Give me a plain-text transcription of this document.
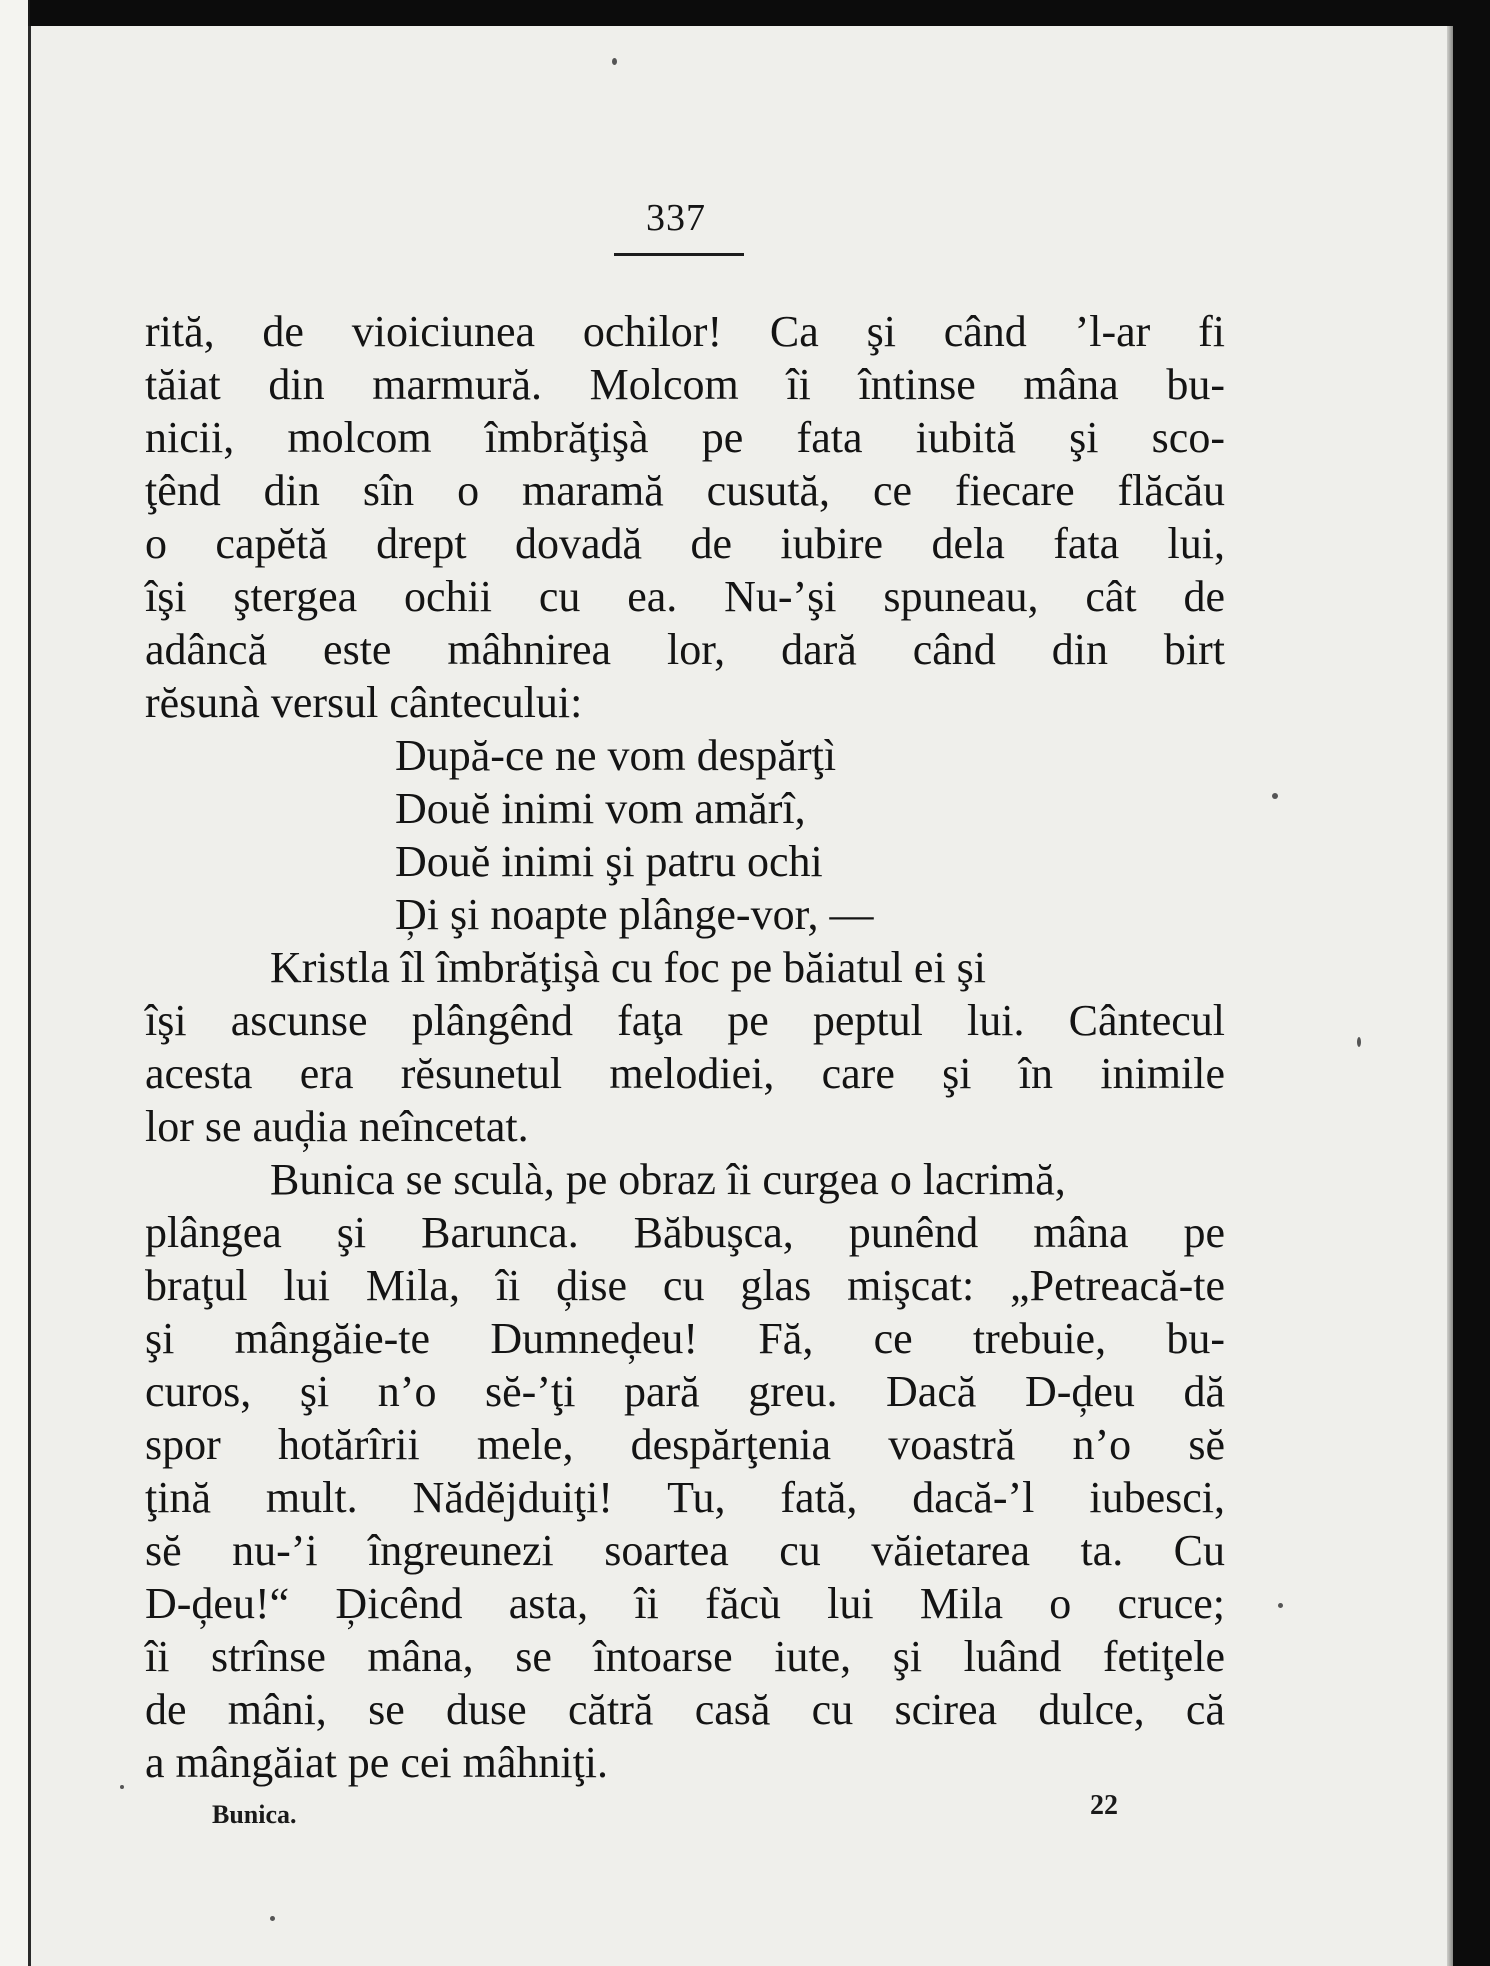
337
rită, de vioiciunea ochilor! Ca şi când ’l-ar fi
tăiat din marmură. Molcom îi întinse mâna bu-
nicii, molcom îmbrăţişà pe fata iubită şi sco-
ţênd din sîn o maramă cusută, ce fiecare flăcău
o capĕtă drept dovadă de iubire dela fata lui,
îşi ştergea ochii cu ea. Nu-’şi spuneau, cât de
adâncă este mâhnirea lor, dară când din birt
rĕsunà versul cântecului:
După-ce ne vom despărţì
Douĕ inimi vom amărî,
Douĕ inimi şi patru ochi
Ḑi şi noapte plânge-vor, —
Kristla îl îmbrăţişà cu foc pe băiatul ei şi
îşi ascunse plângênd faţa pe peptul lui. Cântecul
acesta era rĕsunetul melodiei, care şi în inimile
lor se auḑia neîncetat.
Bunica se sculà, pe obraz îi curgea o lacrimă,
plângea şi Barunca. Băbuşca, punênd mâna pe
braţul lui Mila, îi ḑise cu glas mişcat: „Petreacă-te
şi mângăie-te Dumneḑeu! Fă, ce trebuie, bu-
curos, şi n’o sĕ-’ţi pară greu. Dacă D-ḑeu dă
spor hotărîrii mele, despărţenia voastră n’o sĕ
ţină mult. Nădĕjduiţi! Tu, fată, dacă-’l iubesci,
sĕ nu-’i îngreunezi soartea cu văietarea ta. Cu
D-ḑeu!“ Ḑicênd asta, îi făcù lui Mila o cruce;
îi strînse mâna, se întoarse iute, şi luând fetiţele
de mâni, se duse cătră casă cu scirea dulce, că
a mângăiat pe cei mâhniţi.
Bunica.	22
